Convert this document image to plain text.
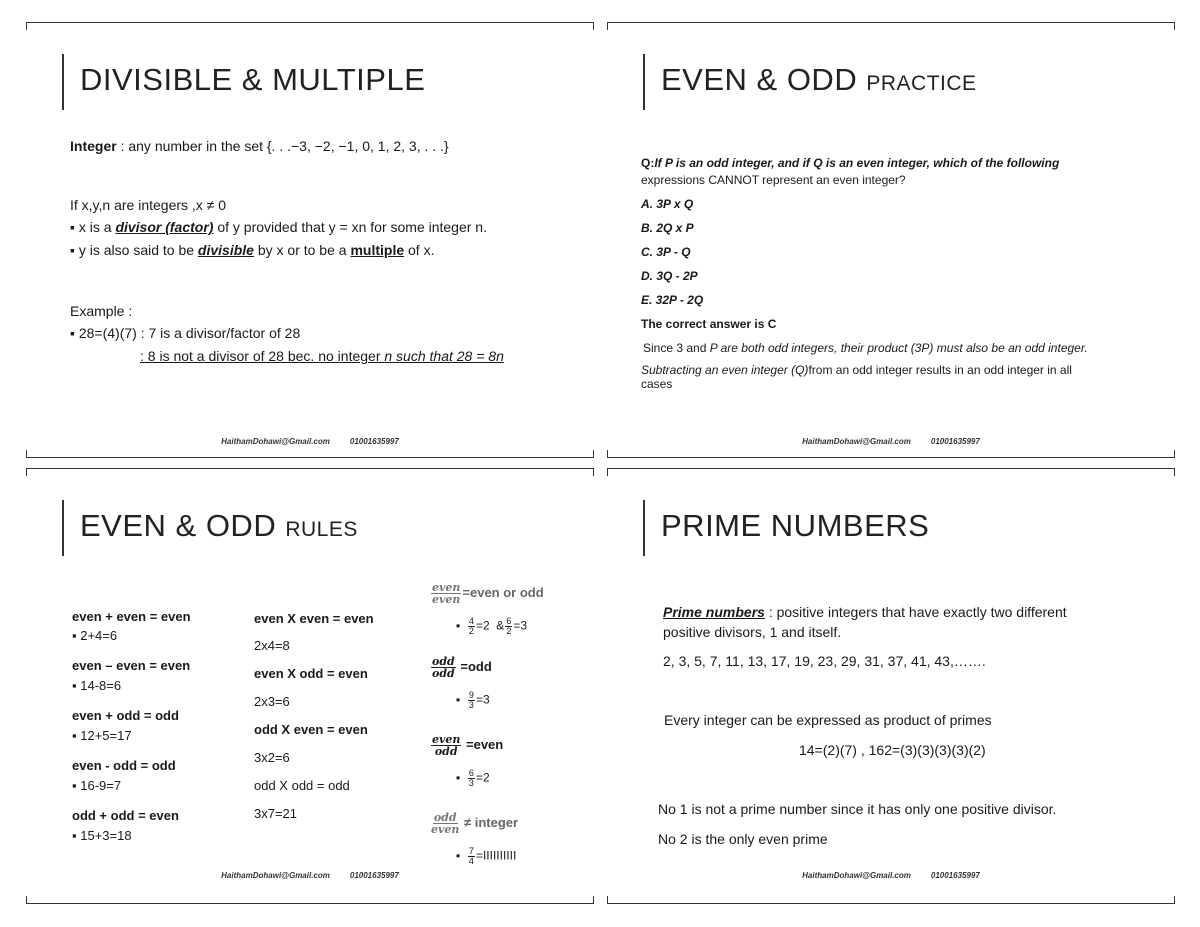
DIVISIBLE & MULTIPLE
Integer : any number in the set {. . .−3, −2, −1, 0, 1, 2, 3, . . .}
If x,y,n are integers ,x ≠ 0
▪ x is a divisor (factor) of y provided that y = xn for some integer n.
▪ y is also said to be divisible by x or to be a multiple of x.
Example :
▪ 28=(4)(7) : 7 is a divisor/factor of 28
: 8 is not a divisor of 28 bec. no integer n such that 28 = 8n
HaithamDohawi@Gmail.com	01001635997
EVEN & ODD PRACTICE
Q:If P is an odd integer, and if Q is an even integer, which of the following
expressions CANNOT represent an even integer?
A. 3P x Q
B. 2Q x P
C. 3P - Q
D. 3Q - 2P
E. 32P - 2Q
The correct answer is C
Since 3 and P are both odd integers, their product (3P) must also be an odd integer.
Subtracting an even integer (Q)from an odd integer results in an odd integer in all
cases
HaithamDohawi@Gmail.com	01001635997
EVEN & ODD RULES
even + even = even
▪ 2+4=6
even – even = even
▪ 14-8=6
even + odd = odd
▪ 12+5=17
even - odd = odd
▪ 16-9=7
odd + odd = even
▪ 15+3=18
even X even = even
2x4=8
even X odd = even
2x3=6
odd X even = even
3x2=6
odd X odd = odd
3x7=21
$\frac{\text{even}}{\text{even}}$ =even or odd
▪ $\frac{4}{2} =2$ & $\frac{6}{2} =3$
$\frac{\text{odd}}{\text{odd}} =odd$
▪ $\frac{9}{3} =3$
$\frac{\text{even}}{\text{odd}}$ =even
▪ $\frac{6}{3} =2$
$\frac{\text{odd}}{\text{even}}$ ≠ integer
▪ $\frac{7}{4}$ =IIIIIIIIII
HaithamDohawi@Gmail.com	01001635997
PRIME NUMBERS
Prime numbers : positive integers that have exactly two different
positive divisors, 1 and itself.
2, 3, 5, 7, 11, 13, 17, 19, 23, 29, 31, 37, 41, 43,…….
Every integer can be expressed as product of primes
14=(2)(7) , 162=(3)(3)(3)(3)(2)
No 1 is not a prime number since it has only one positive divisor.
No 2 is the only even prime
HaithamDohawi@Gmail.com	01001635997
